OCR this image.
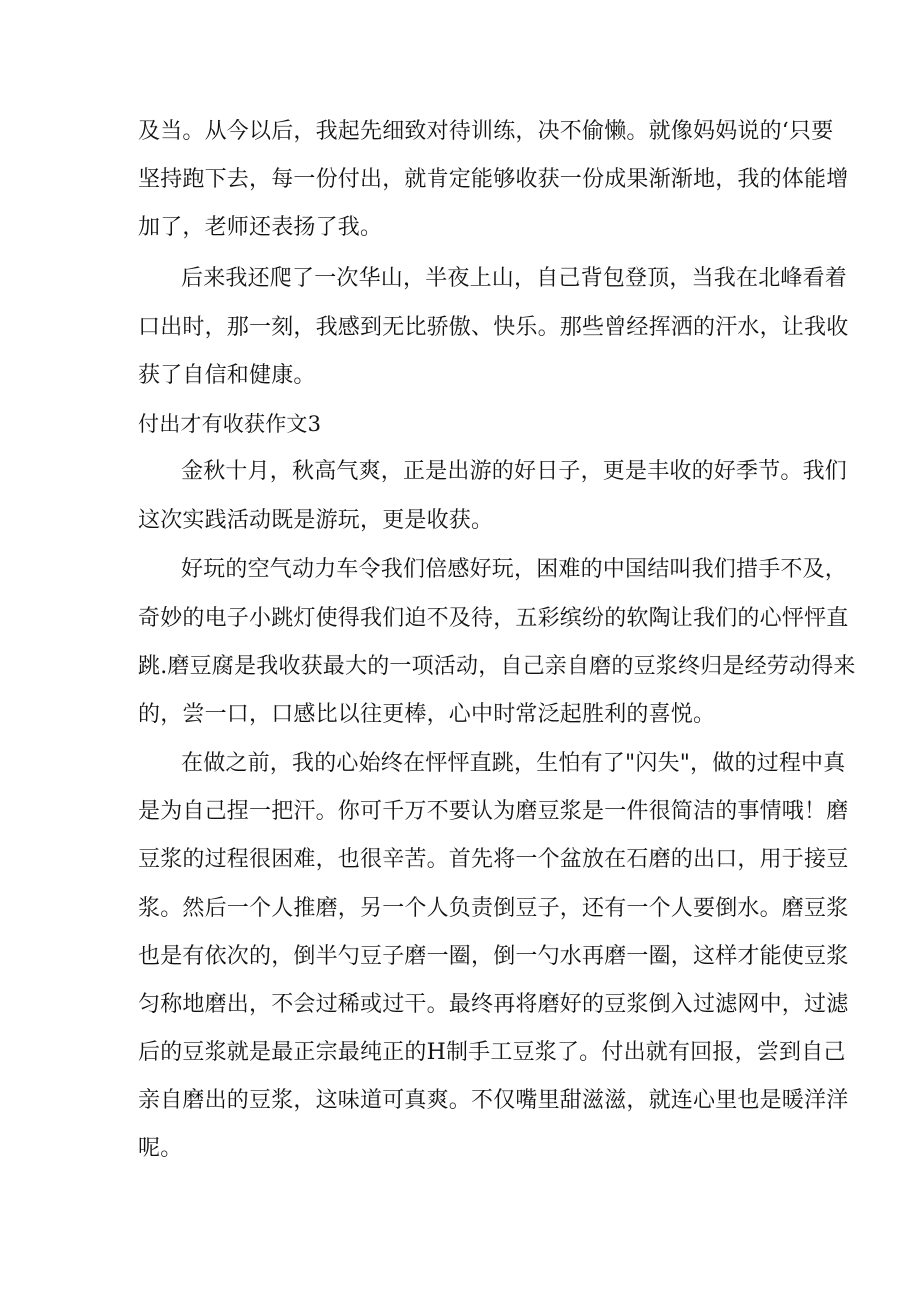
及当。从今以后，我起先细致对待训练，决不偷懒。就像妈妈说的‘只要
坚持跑下去，每一份付出，就肯定能够收获一份成果渐渐地，我的体能增
加了，老师还表扬了我。
后来我还爬了一次华山，半夜上山，自己背包登顶，当我在北峰看着
口出时，那一刻，我感到无比骄傲、快乐。那些曾经挥洒的汗水，让我收
获了自信和健康。
付出才有收获作文3
金秋十月，秋高气爽，正是出游的好日子，更是丰收的好季节。我们
这次实践活动既是游玩，更是收获。
好玩的空气动力车令我们倍感好玩，困难的中国结叫我们措手不及，
奇妙的电子小跳灯使得我们迫不及待，五彩缤纷的软陶让我们的心怦怦直
跳.磨豆腐是我收获最大的一项活动，自己亲自磨的豆浆终归是经劳动得来
的，尝一口，口感比以往更棒，心中时常泛起胜利的喜悦。
在做之前，我的心始终在怦怦直跳，生怕有了"闪失"，做的过程中真
是为自己捏一把汗。你可千万不要认为磨豆浆是一件很简洁的事情哦！磨
豆浆的过程很困难，也很辛苦。首先将一个盆放在石磨的出口，用于接豆
浆。然后一个人推磨，另一个人负责倒豆子，还有一个人要倒水。磨豆浆
也是有依次的，倒半勺豆子磨一圈，倒一勺水再磨一圈，这样才能使豆浆
匀称地磨出，不会过稀或过干。最终再将磨好的豆浆倒入过滤网中，过滤
后的豆浆就是最正宗最纯正的H制手工豆浆了。付出就有回报，尝到自己
亲自磨出的豆浆，这味道可真爽。不仅嘴里甜滋滋，就连心里也是暖洋洋
呢。
